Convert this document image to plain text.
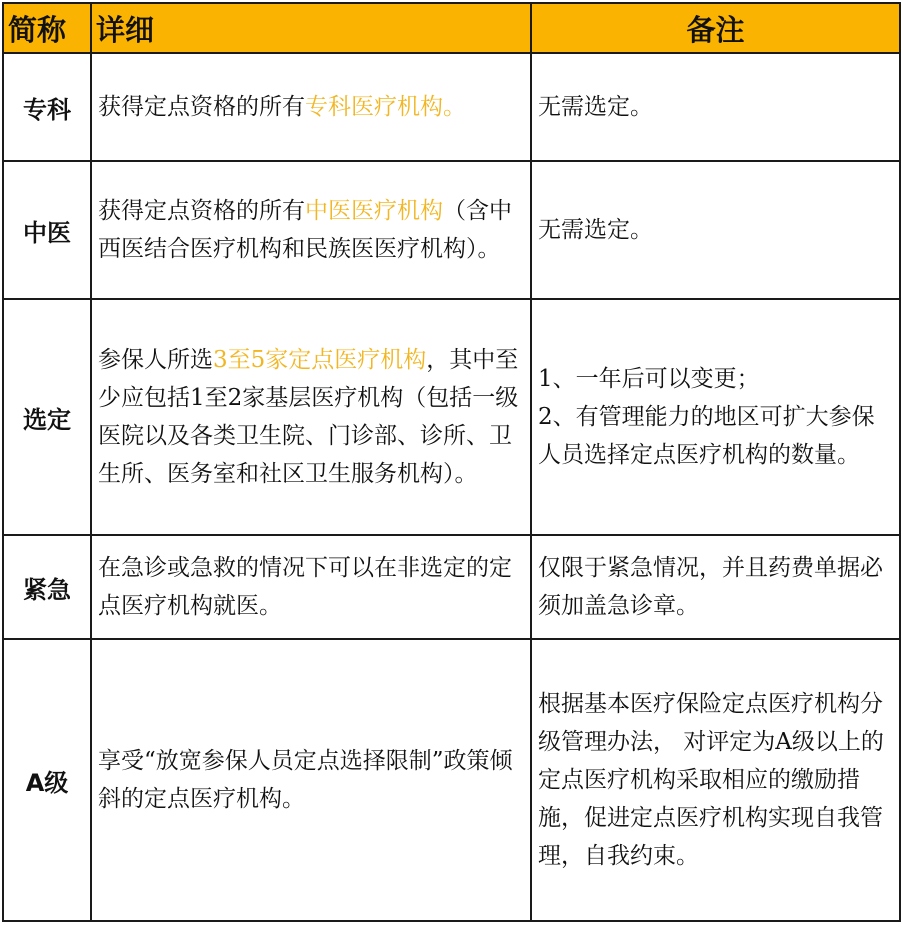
简称	详细	备注
专科	获得定点资格的所有专科医疗机构。	无需选定。
中医	获得定点资格的所有中医医疗机构（含中西医结合医疗机构和民族医医疗机构）。	无需选定。
选定	参保人所选3至5家定点医疗机构，其中至少应包括1至2家基层医疗机构（包括一级医院以及各类卫生院、门诊部、诊所、卫生所、医务室和社区卫生服务机构）。	1、一年后可以变更；
2、有管理能力的地区可扩大参保人员选择定点医疗机构的数量。

紧急	在急诊或急救的情况下可以在非选定的定点医疗机构就医。	仅限于紧急情况，并且药费单据必须加盖急诊章。
A级	享受“放宽参保人员定点选择限制”政策倾斜的定点医疗机构。	根据基本医疗保险定点医疗机构分级管理办法， 对评定为A级以上的定点医疗机构采取相应的缴励措施，促进定点医疗机构实现自我管理，自我约束。
